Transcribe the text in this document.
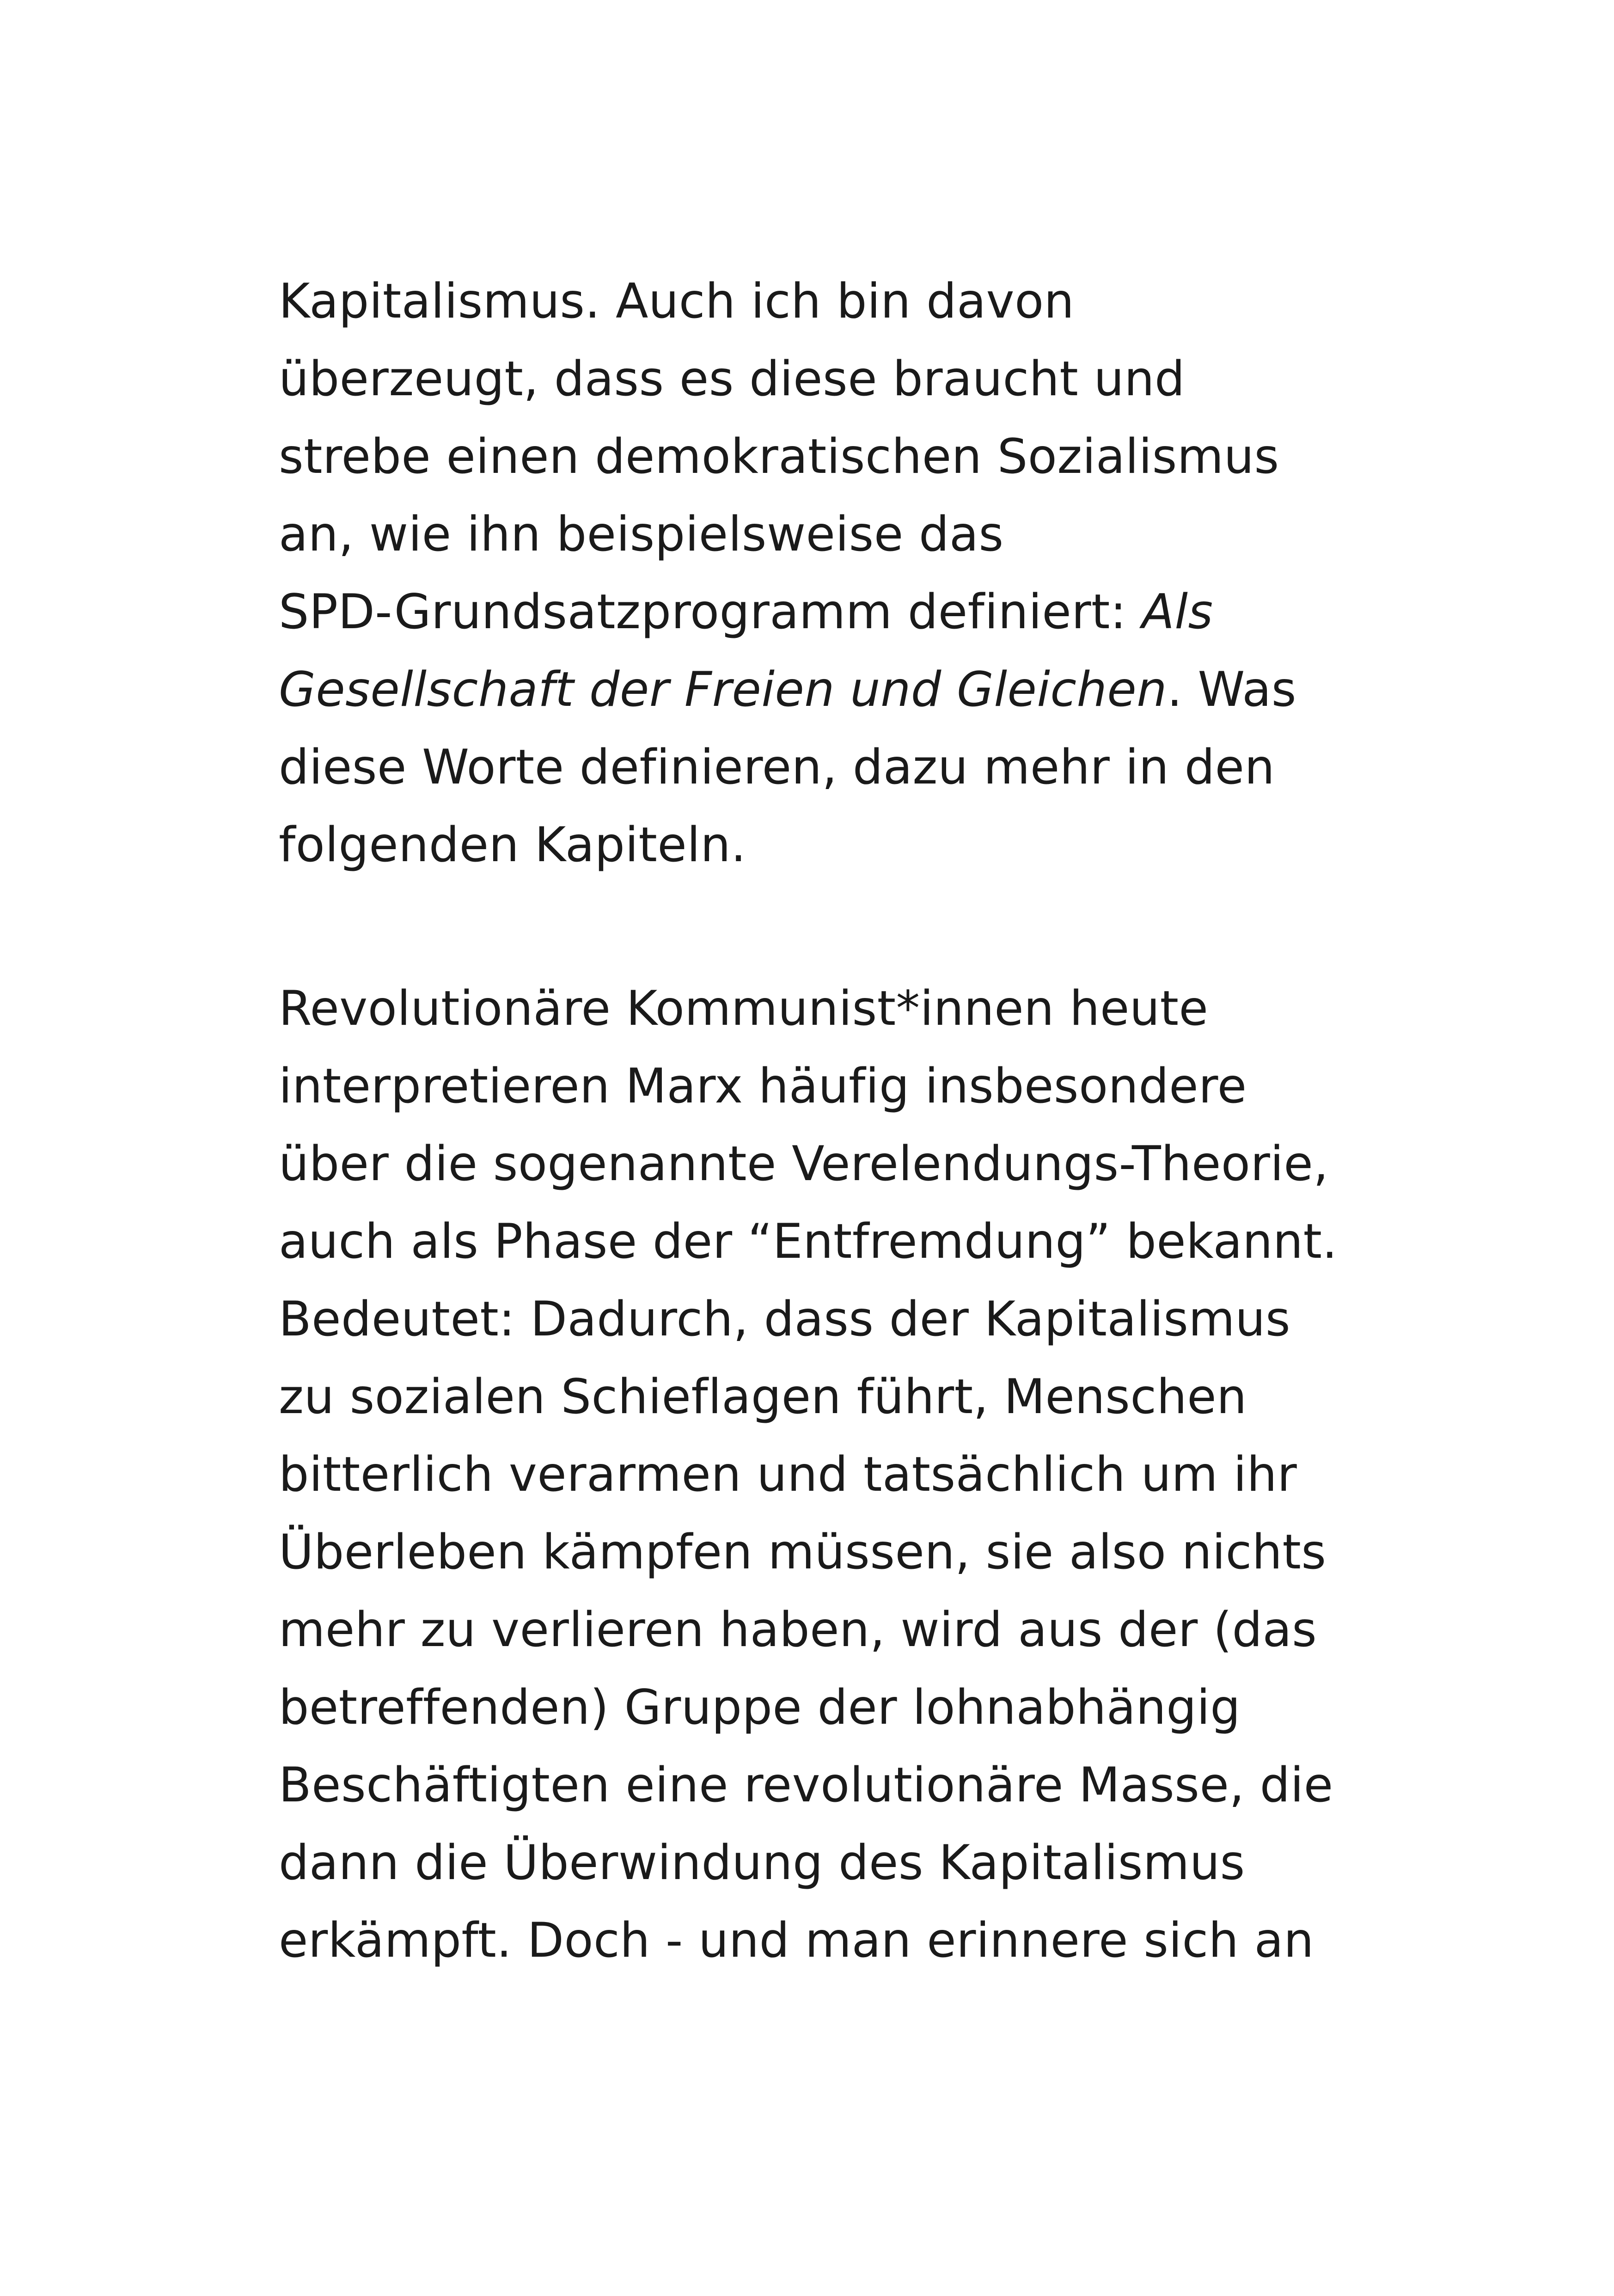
Kapitalismus. Auch ich bin davon
überzeugt, dass es diese braucht und
strebe einen demokratischen Sozialismus
an, wie ihn beispielsweise das
SPD-Grundsatzprogramm definiert: Als
Gesellschaft der Freien und Gleichen. Was
diese Worte definieren, dazu mehr in den
folgenden Kapiteln.
Revolutionäre Kommunist*innen heute
interpretieren Marx häufig insbesondere
über die sogenannte Verelendungs-Theorie,
auch als Phase der “Entfremdung” bekannt.
Bedeutet: Dadurch, dass der Kapitalismus
zu sozialen Schieflagen führt, Menschen
bitterlich verarmen und tatsächlich um ihr
Überleben kämpfen müssen, sie also nichts
mehr zu verlieren haben, wird aus der (das
betreffenden) Gruppe der lohnabhängig
Beschäftigten eine revolutionäre Masse, die
dann die Überwindung des Kapitalismus
erkämpft. Doch - und man erinnere sich an
